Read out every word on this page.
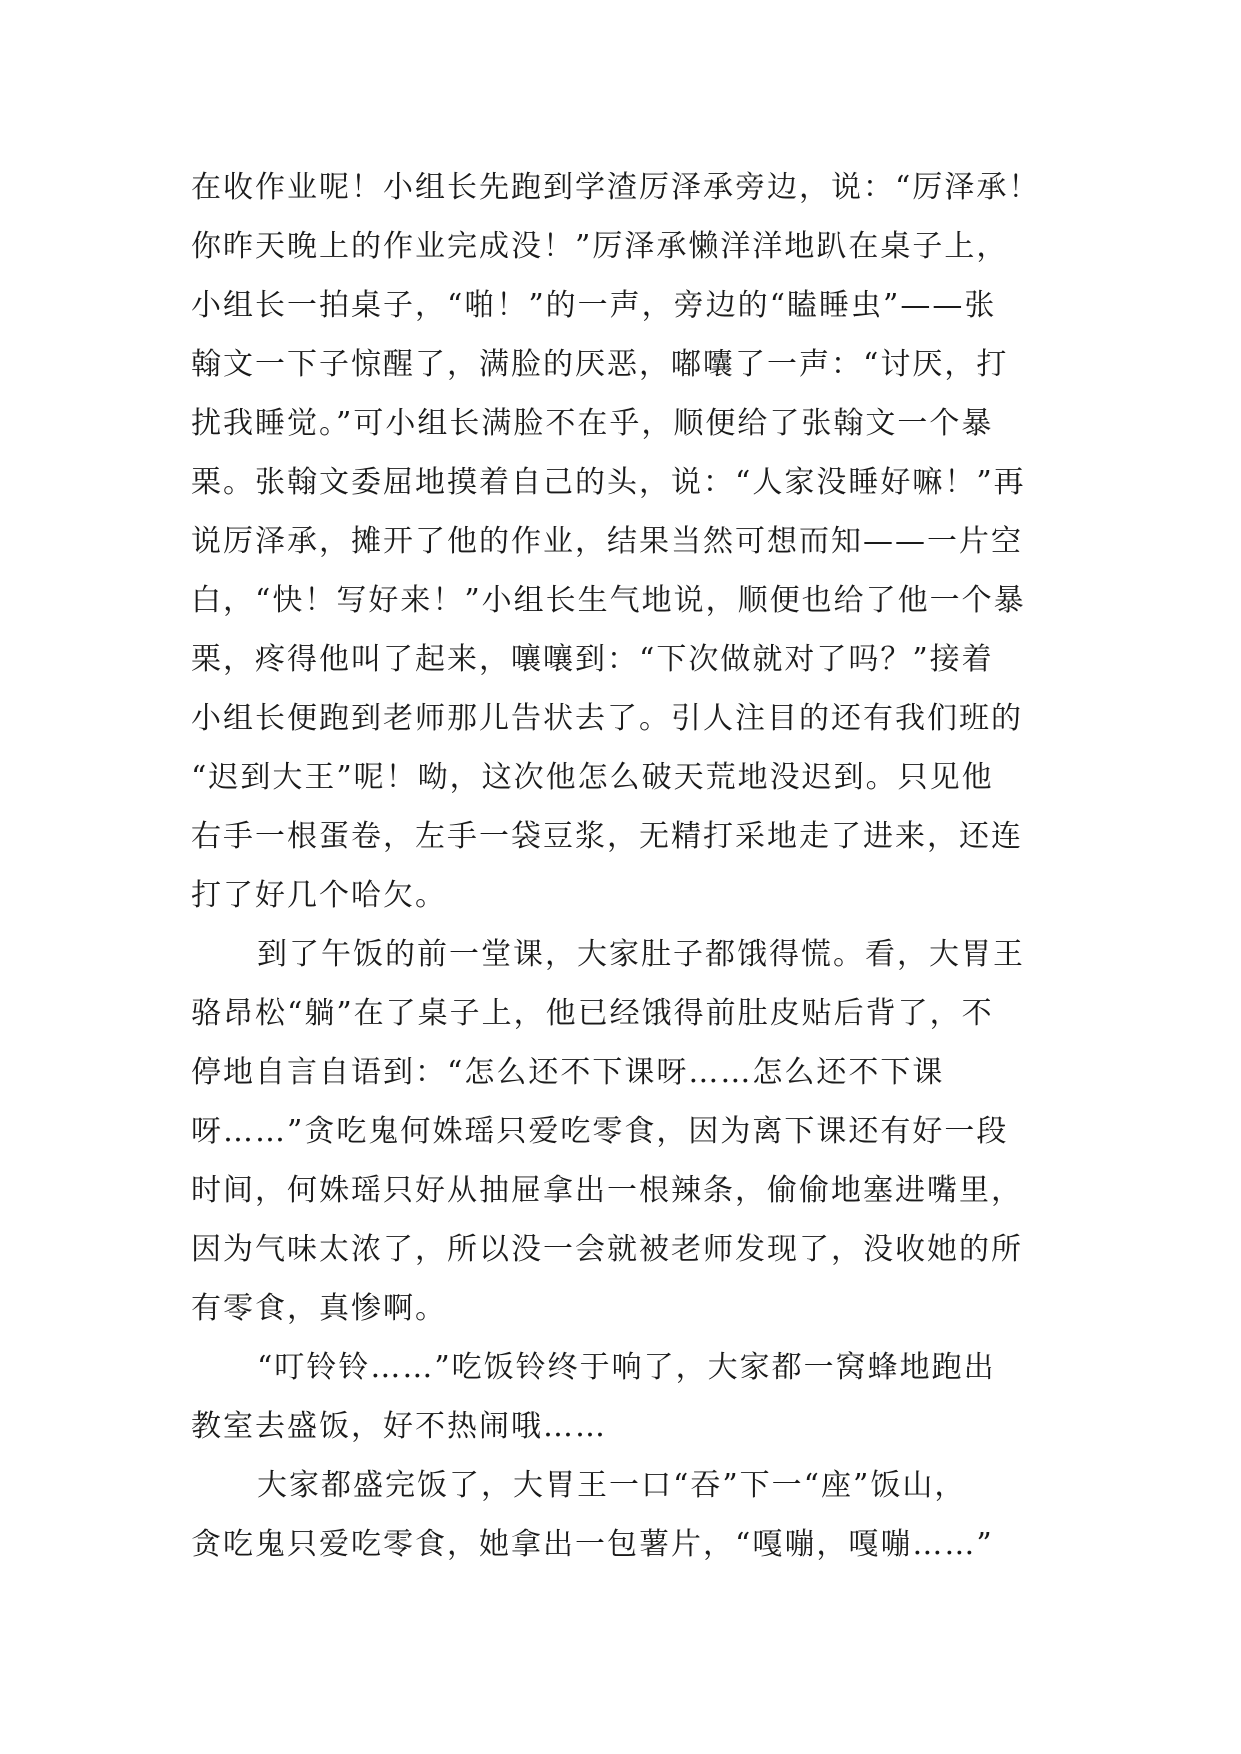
在收作业呢！小组长先跑到学渣厉泽承旁边，说：“厉泽承！
你昨天晚上的作业完成没！”厉泽承懒洋洋地趴在桌子上，
小组长一拍桌子，“啪！”的一声，旁边的“瞌睡虫”——张
翰文一下子惊醒了，满脸的厌恶，嘟囔了一声：“讨厌，打
扰我睡觉。”可小组长满脸不在乎，顺便给了张翰文一个暴
栗。张翰文委屈地摸着自己的头，说：“人家没睡好嘛！”再
说厉泽承，摊开了他的作业，结果当然可想而知——一片空
白，“快！写好来！”小组长生气地说，顺便也给了他一个暴
栗，疼得他叫了起来，嚷嚷到：“下次做就对了吗？”接着
小组长便跑到老师那儿告状去了。引人注目的还有我们班的
“迟到大王”呢！呦，这次他怎么破天荒地没迟到。只见他
右手一根蛋卷，左手一袋豆浆，无精打采地走了进来，还连
打了好几个哈欠。
到了午饭的前一堂课，大家肚子都饿得慌。看，大胃王
骆昂松“躺”在了桌子上，他已经饿得前肚皮贴后背了，不
停地自言自语到：“怎么还不下课呀……怎么还不下课
呀……”贪吃鬼何姝瑶只爱吃零食，因为离下课还有好一段
时间，何姝瑶只好从抽屉拿出一根辣条，偷偷地塞进嘴里，
因为气味太浓了，所以没一会就被老师发现了，没收她的所
有零食，真惨啊。
“叮铃铃……”吃饭铃终于响了，大家都一窝蜂地跑出
教室去盛饭，好不热闹哦……
大家都盛完饭了，大胃王一口“吞”下一“座”饭山，
贪吃鬼只爱吃零食，她拿出一包薯片，“嘎嘣，嘎嘣……”
